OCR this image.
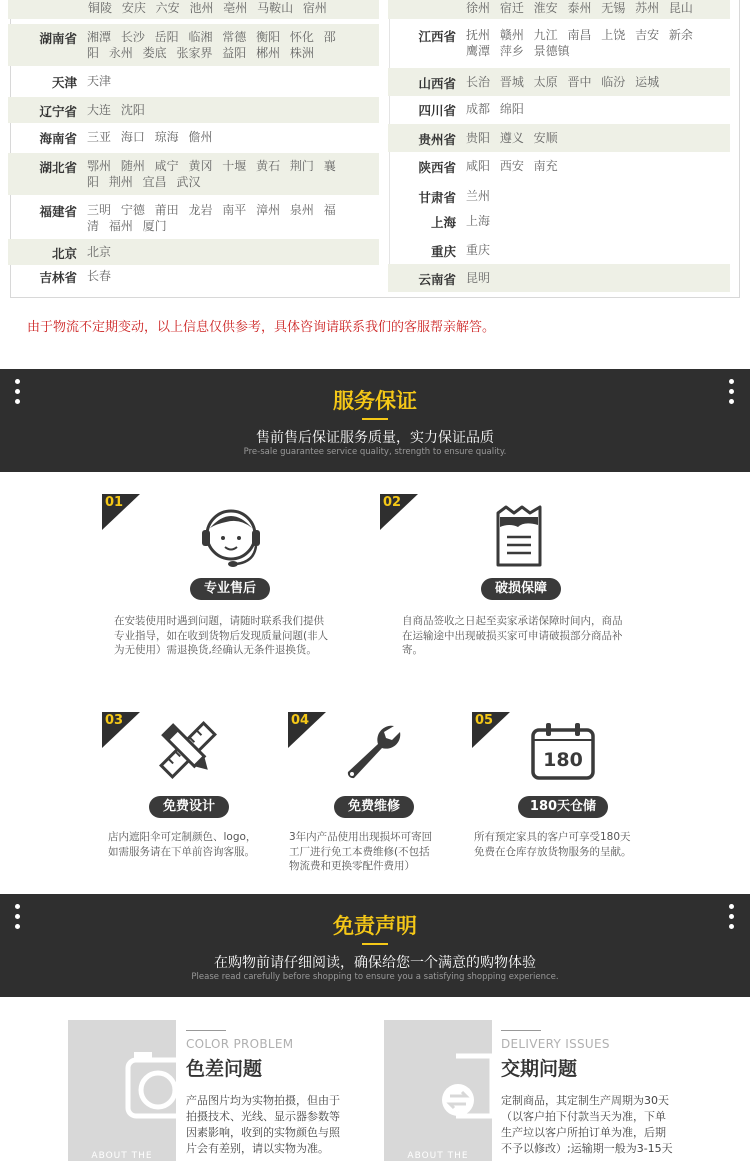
铜陵 安庆 六安 池州 亳州 马鞍山 宿州
湖南省 湘潭 长沙 岳阳 临湘 常德 衡阳 怀化 邵阳 永州 娄底 张家界 益阳 郴州 株洲
天津 天津
辽宁省 大连 沈阳
海南省 三亚 海口 琼海 儋州
湖北省 鄂州 随州 咸宁 黄冈 十堰 黄石 荆门 襄阳 荆州 宜昌 武汉
福建省 三明 宁德 莆田 龙岩 南平 漳州 泉州 福清 福州 厦门
北京 北京
吉林省 长春
徐州 宿迁 淮安 泰州 无锡 苏州 昆山
江西省 抚州 赣州 九江 南昌 上饶 吉安 新余 鹰潭 萍乡 景德镇
山西省 长治 晋城 太原 晋中 临汾 运城
四川省 成都 绵阳
贵州省 贵阳 遵义 安顺
陕西省 咸阳 西安 南充
甘肃省 兰州
上海 上海
重庆 重庆
云南省 昆明
由于物流不定期变动，以上信息仅供参考，具体咨询请联系我们的客服帮亲解答。
服务保证
售前售后保证服务质量，实力保证品质
Pre-sale guarantee service quality, strength to ensure quality.
01
专业售后
在安装使用时遇到问题，请随时联系我们提供
专业指导，如在收到货物后发现质量问题(非人
为无使用）需退换货,经确认无条件退换货。
02
破损保障
自商品签收之日起至卖家承诺保障时间内，商品
在运输途中出现破损买家可申请破损部分商品补
寄。
03
免费设计
店内遮阳伞可定制颜色、logo，
如需服务请在下单前咨询客服。
04
免费维修
3年内产品使用出现损坏可寄回
工厂进行免工本费维修(不包括
物流费和更换零配件费用）
05
180
180天仓储
所有预定家具的客户可享受180天
免费在仓库存放货物服务的呈献。
免责声明
在购物前请仔细阅读，确保给您一个满意的购物体验
Please read carefully before shopping to ensure you a satisfying shopping experience.
ABOUT THE
COLOR PROBLEM
色差问题
产品图片均为实物拍摄，但由于
拍摄技术、光线、显示器参数等
因素影响，收到的实物颜色与照
片会有差别，请以实物为准。
ABOUT THE
DELIVERY ISSUES
交期问题
定制商品，其定制生产周期为30天
（以客户拍下付款当天为准，下单
生产垃以客户所拍订单为准，后期
不予以修改）;运输期一般为3-15天
